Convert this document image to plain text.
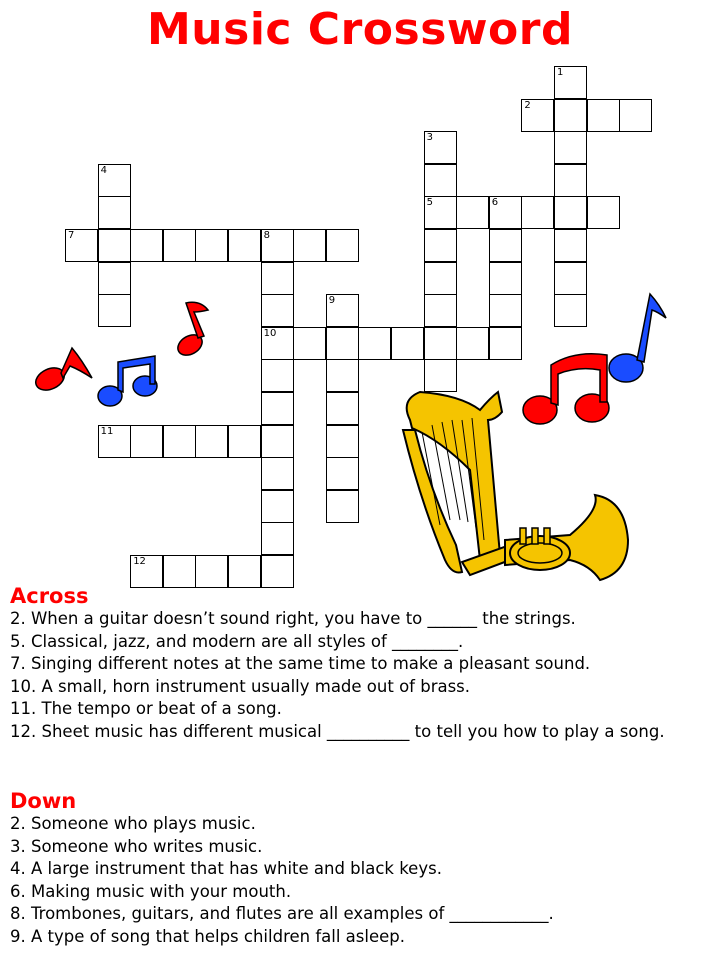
Music Crossword
1
2
3
5
4
6
7	8
10
9
11
12
Across
2. When a guitar doesn’t sound right, you have to ______ the strings.
5. Classical, jazz, and modern are all styles of ________.
7. Singing different notes at the same time to make a pleasant sound.
10. A small, horn instrument usually made out of brass.
11. The tempo or beat of a song.
12. Sheet music has different musical __________ to tell you how to play a song.
Down
2. Someone who plays music.
3. Someone who writes music.
4. A large instrument that has white and black keys.
6. Making music with your mouth.
8. Trombones, guitars, and flutes are all examples of ____________.
9. A type of song that helps children fall asleep.
